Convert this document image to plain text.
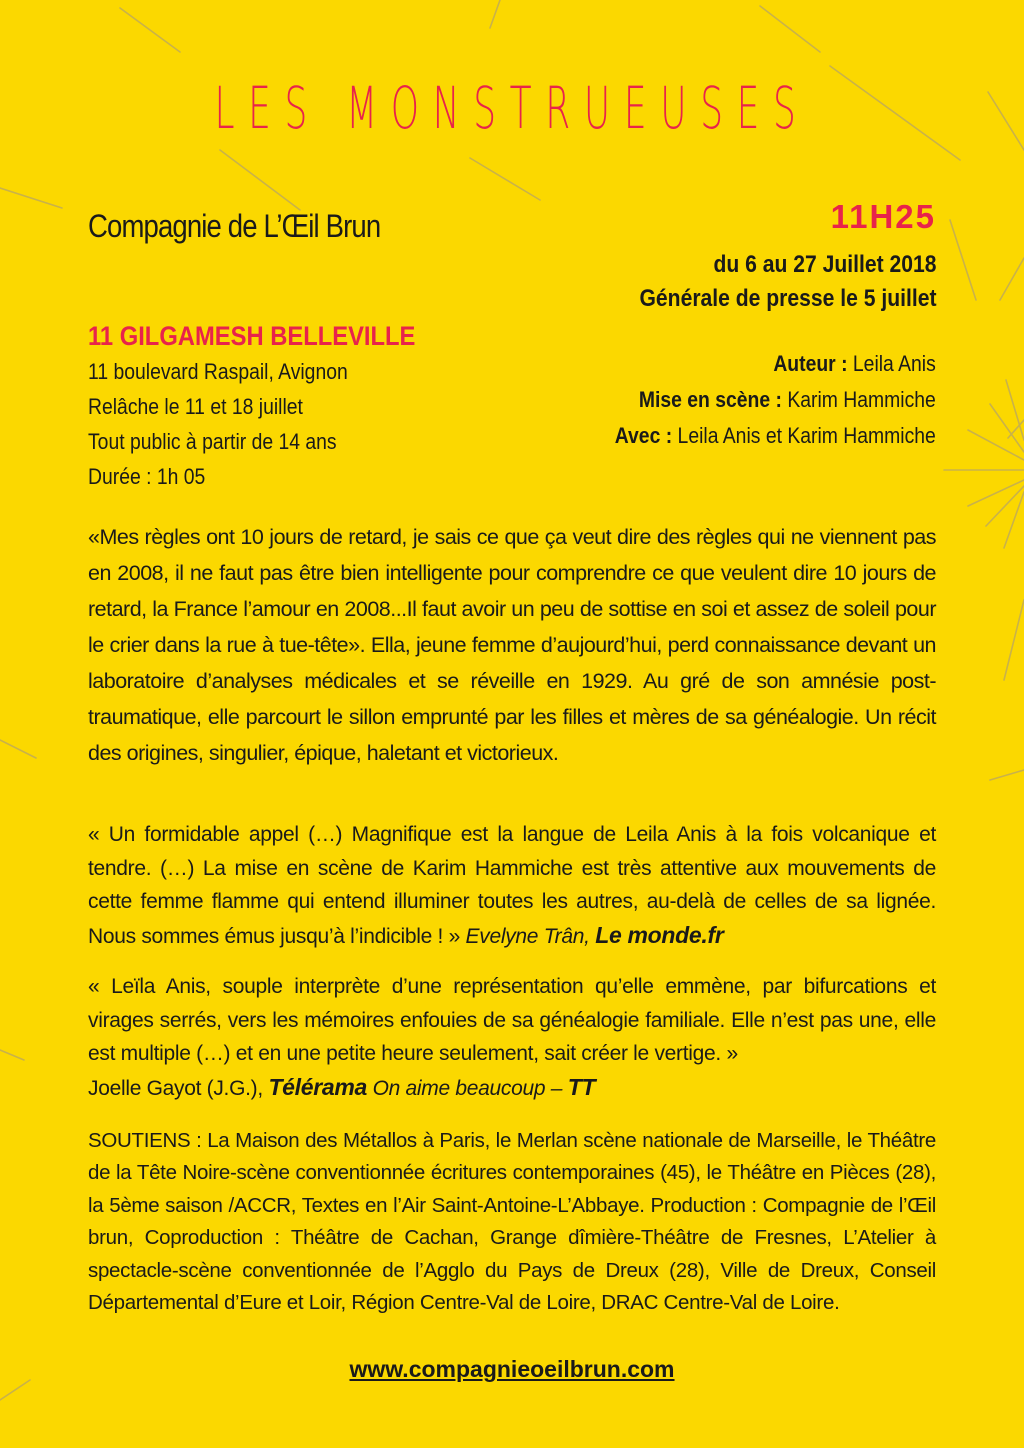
LES MONSTRUEUSES
Compagnie de L’Œil Brun	11H25
du 6 au 27 Juillet 2018
Générale de presse le 5 juillet
11 GILGAMESH BELLEVILLE
11 boulevard Raspail, Avignon
Relâche le 11 et 18 juillet
Tout public à partir de 14 ans
Durée : 1h 05
Auteur : Leila Anis
Mise en scène : Karim Hammiche
Avec : Leila Anis et Karim Hammiche
«Mes règles ont 10 jours de retard, je sais ce que ça veut dire des règles qui ne viennent pas en 2008, il ne faut pas être bien intelligente pour comprendre ce que veulent dire 10 jours de retard, la France l’amour en 2008...Il faut avoir un peu de sottise en soi et assez de soleil pour le crier dans la rue à tue-tête». Ella, jeune femme d’aujourd’hui, perd connaissance devant un laboratoire d’analyses médicales et se réveille en 1929. Au gré de son amnésie post-traumatique, elle parcourt le sillon emprunté par les filles et mères de sa généalogie. Un récit des origines, singulier, épique, haletant et victorieux.
« Un formidable appel (…) Magnifique est la langue de Leila Anis à la fois volcanique et tendre. (…) La mise en scène de Karim Hammiche est très attentive aux mouvements de cette femme flamme qui entend illuminer toutes les autres, au-delà de celles de sa lignée. Nous sommes émus jusqu’à l’indicible ! » Evelyne Trân, Le monde.fr
« Leïla Anis, souple interprète d’une représentation qu’elle emmène, par bifurcations et virages serrés, vers les mémoires enfouies de sa généalogie familiale. Elle n’est pas une, elle est multiple (…) et en une petite heure seulement, sait créer le vertige. »
Joelle Gayot (J.G.), Télérama On aime beaucoup – TT
SOUTIENS : La Maison des Métallos à Paris, le Merlan scène nationale de Marseille, le Théâtre de la Tête Noire-scène conventionnée écritures contemporaines (45), le Théâtre en Pièces (28), la 5ème saison /ACCR, Textes en l’Air Saint-Antoine-L’Abbaye. Production : Compagnie de l’Œil brun, Coproduction : Théâtre de Cachan, Grange dîmière-Théâtre de Fresnes, L’Atelier à spectacle-scène conventionnée de l’Agglo du Pays de Dreux (28), Ville de Dreux, Conseil Départemental d’Eure et Loir, Région Centre-Val de Loire, DRAC Centre-Val de Loire.
www.compagnieoeilbrun.com
